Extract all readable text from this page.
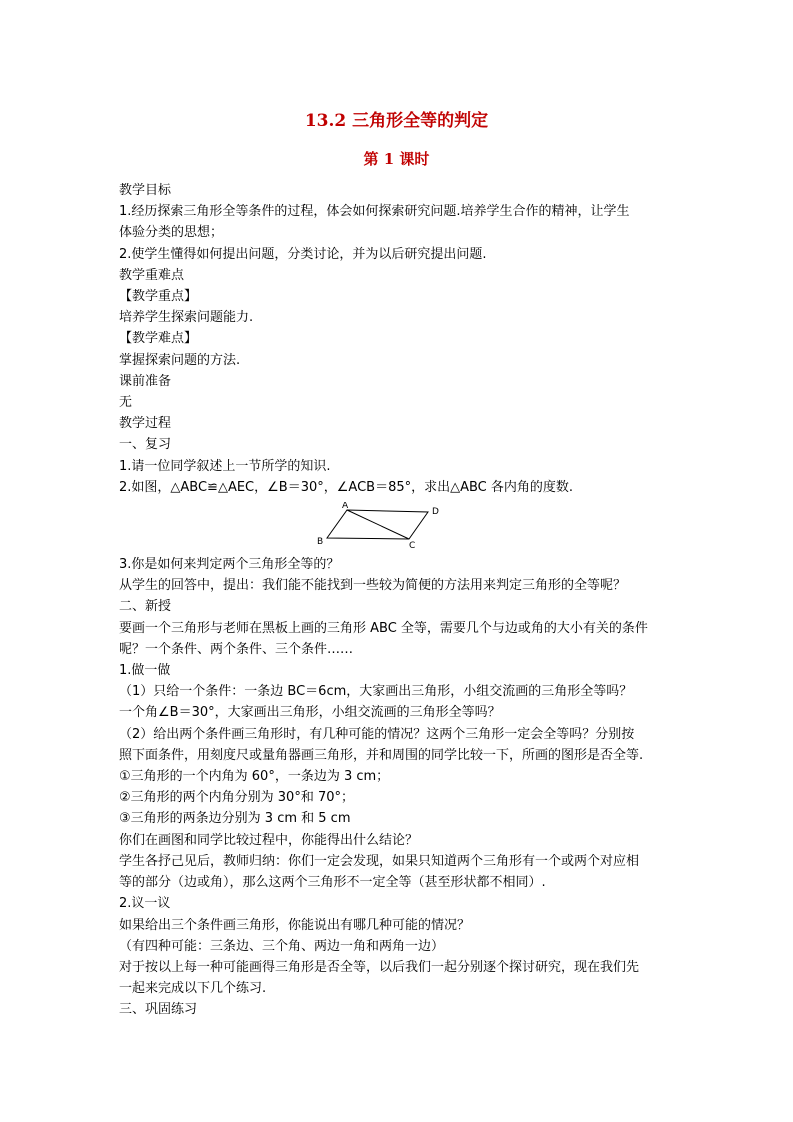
13.2 三角形全等的判定
第 1 课时
教学目标
1.经历探索三角形全等条件的过程，体会如何探索研究问题.培养学生合作的精神，让学生
体验分类的思想；
2.使学生懂得如何提出问题，分类讨论，并为以后研究提出问题.
教学重难点
【教学重点】
培养学生探索问题能力.
【教学难点】
掌握探索问题的方法.
课前准备
无
教学过程
一、复习
1.请一位同学叙述上一节所学的知识.
2.如图，△ABC≌△AEC，∠B＝30°，∠ACB＝85°，求出△ABC 各内角的度数.
A
D
B	C
3.你是如何来判定两个三角形全等的？
从学生的回答中，提出：我们能不能找到一些较为简便的方法用来判定三角形的全等呢？
二、新授
要画一个三角形与老师在黑板上画的三角形 ABC 全等，需要几个与边或角的大小有关的条件
呢？一个条件、两个条件、三个条件……
1.做一做
（1）只给一个条件：一条边 BC＝6cm，大家画出三角形，小组交流画的三角形全等吗？
一个角∠B＝30°，大家画出三角形，小组交流画的三角形全等吗？
（2）给出两个条件画三角形时，有几种可能的情况？这两个三角形一定会全等吗？分别按
照下面条件，用刻度尺或量角器画三角形，并和周围的同学比较一下，所画的图形是否全等.
①三角形的一个内角为 60°，一条边为 3 cm；
②三角形的两个内角分别为 30°和 70°；
③三角形的两条边分别为 3 cm 和 5 cm
你们在画图和同学比较过程中，你能得出什么结论？
学生各抒己见后，教师归纳：你们一定会发现，如果只知道两个三角形有一个或两个对应相
等的部分（边或角），那么这两个三角形不一定全等（甚至形状都不相同）.
2.议一议
如果给出三个条件画三角形，你能说出有哪几种可能的情况？
（有四种可能：三条边、三个角、两边一角和两角一边）
对于按以上每一种可能画得三角形是否全等，以后我们一起分别逐个探讨研究，现在我们先
一起来完成以下几个练习.
三、巩固练习
